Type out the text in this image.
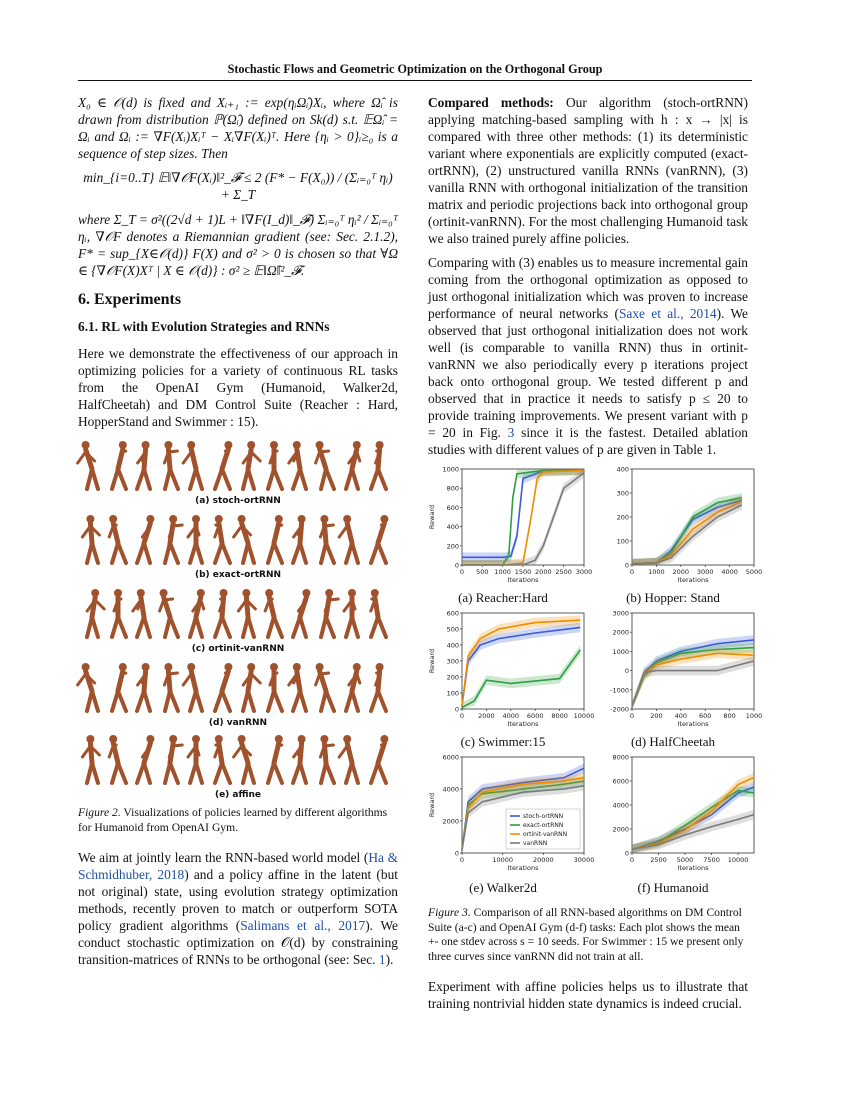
Stochastic Flows and Geometric Optimization on the Orthogonal Group

X₀ ∈ 𝒪(d) is fixed and Xᵢ₊₁ := exp(ηᵢΩ̂ᵢ)Xᵢ, where Ω̂ᵢ is drawn from distribution ℙ(Ω̂ᵢ) defined on Sk(d) s.t. 𝔼Ω̂ᵢ = Ωᵢ and Ωᵢ := ∇F(Xᵢ)Xᵢᵀ − Xᵢ∇F(Xᵢ)ᵀ. Here {ηᵢ > 0}ᵢ≥₀ is a sequence of step sizes. Then

min_{i=0..T} 𝔼‖∇𝒪F(Xᵢ)‖²_𝓕 ≤ 2 (F* − F(X₀)) / (Σᵢ₌₀ᵀ ηᵢ) + Σ_T

where Σ_T = σ²((2√d + 1)L + ‖∇F(I_d)‖_𝓕) Σᵢ₌₀ᵀ ηᵢ² / Σᵢ₌₀ᵀ ηᵢ, ∇𝒪F denotes a Riemannian gradient (see: Sec. 2.1.2), F* = sup_{X∈𝒪(d)} F(X) and σ² > 0 is chosen so that ∀Ω ∈ {∇𝒪F(X)Xᵀ | X ∈ 𝒪(d)} : σ² ≥ 𝔼‖Ω̂‖²_𝓕.

6. Experiments
6.1. RL with Evolution Strategies and RNNs

Here we demonstrate the effectiveness of our approach in optimizing policies for a variety of continuous RL tasks from the OpenAI Gym (Humanoid, Walker2d, HalfCheetah) and DM Control Suite (Reacher : Hard, HopperStand and Swimmer : 15).

(a) stoch-ortRNN
(b) exact-ortRNN
(c) ortinit-vanRNN
(d) vanRNN
(e) affine
Figure 2. Visualizations of policies learned by different algorithms for Humanoid from OpenAI Gym.

We aim at jointly learn the RNN-based world model (Ha & Schmidhuber, 2018) and a policy affine in the latent (but not original) state, using evolution strategy optimization methods, recently proven to match or outperform SOTA policy gradient algorithms (Salimans et al., 2017). We conduct stochastic optimization on 𝒪(d) by constraining transition-matrices of RNNs to be orthogonal (see: Sec. 1).

Compared methods: Our algorithm (stoch-ortRNN) applying matching-based sampling with h : x → |x| is compared with three other methods: (1) its deterministic variant where exponentials are explicitly computed (exact-ortRNN), (2) unstructured vanilla RNNs (vanRNN), (3) vanilla RNN with orthogonal initialization of the transition matrix and periodic projections back into orthogonal group (ortinit-vanRNN). For the most challenging Humanoid task we also trained purely affine policies.

Comparing with (3) enables us to measure incremental gain coming from the orthogonal optimization as opposed to just orthogonal initialization which was proven to increase performance of neural networks (Saxe et al., 2014). We observed that just orthogonal initialization does not work well (is comparable to vanilla RNN) thus in ortinit-vanRNN we also periodically every p iterations project back onto orthogonal group. We tested different p and observed that in practice it needs to satisfy p ≤ 20 to provide training improvements. We present variant with p = 20 in Fig. 3 since it is the fastest. Detailed ablation studies with different values of p are given in Table 1.

0
200
400
600
800
1000
0 500 1000 1500 2000 2500 3000
Iterations
Reward
(a) Reacher:Hard
0
100
200
300
400
0 1000 2000 3000 4000 5000
Iterations
(b) Hopper: Stand
0
100
200
300
400
500
600
0 2000 4000 6000 8000 10000
Iterations
Reward
(c) Swimmer:15
-2000
-1000
0
1000
2000
3000
0 200 400 600 800 1000
Iterations
(d) HalfCheetah
0
2000
4000
6000
0	10000	20000	30000
Iterations
Reward	stoch-ortRNN
exact-ortRNN
ortinit-vanRNN
vanRNN
(e) Walker2d
0
2000
4000
6000
8000
0 2500 5000 7500 10000
Iterations
(f) Humanoid
Figure 3. Comparison of all RNN-based algorithms on DM Control Suite (a-c) and OpenAI Gym (d-f) tasks: Each plot shows the mean +- one stdev across s = 10 seeds. For Swimmer : 15 we present only three curves since vanRNN did not train at all.

Experiment with affine policies helps us to illustrate that training nontrivial hidden state dynamics is indeed crucial.
